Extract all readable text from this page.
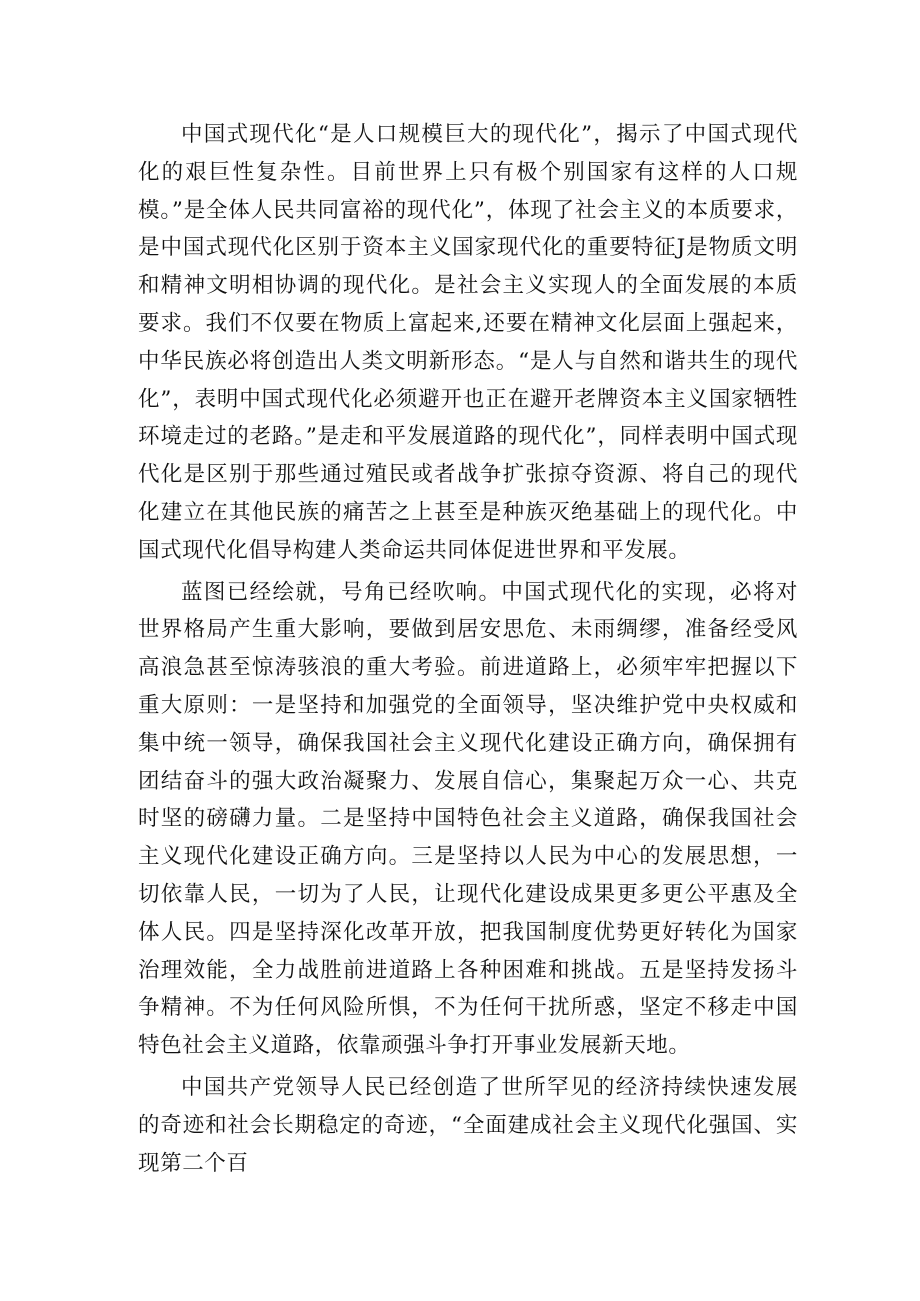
中国式现代化“是人口规模巨大的现代化”，揭示了中国式现代化的艰巨性复杂性。目前世界上只有极个别国家有这样的人口规模。”是全体人民共同富裕的现代化”，体现了社会主义的本质要求，是中国式现代化区别于资本主义国家现代化的重要特征J是物质文明和精神文明相协调的现代化。是社会主义实现人的全面发展的本质要求。我们不仅要在物质上富起来,还要在精神文化层面上强起来，中华民族必将创造出人类文明新形态。“是人与自然和谐共生的现代化”，表明中国式现代化必须避开也正在避开老牌资本主义国家牺牲环境走过的老路。”是走和平发展道路的现代化”，同样表明中国式现代化是区别于那些通过殖民或者战争扩张掠夺资源、将自己的现代化建立在其他民族的痛苦之上甚至是种族灭绝基础上的现代化。中国式现代化倡导构建人类命运共同体促进世界和平发展。

蓝图已经绘就，号角已经吹响。中国式现代化的实现，必将对世界格局产生重大影响，要做到居安思危、未雨绸缪，准备经受风高浪急甚至惊涛骇浪的重大考验。前进道路上，必须牢牢把握以下重大原则：一是坚持和加强党的全面领导，坚决维护党中央权威和集中统一领导，确保我国社会主义现代化建设正确方向，确保拥有团结奋斗的强大政治凝聚力、发展自信心，集聚起万众一心、共克时坚的磅礴力量。二是坚持中国特色社会主义道路，确保我国社会主义现代化建设正确方向。三是坚持以人民为中心的发展思想，一切依靠人民，一切为了人民，让现代化建设成果更多更公平惠及全体人民。四是坚持深化改革开放，把我国制度优势更好转化为国家治理效能，全力战胜前进道路上各种困难和挑战。五是坚持发扬斗争精神。不为任何风险所惧，不为任何干扰所惑，坚定不移走中国特色社会主义道路，依靠顽强斗争打开事业发展新天地。

中国共产党领导人民已经创造了世所罕见的经济持续快速发展的奇迹和社会长期稳定的奇迹，“全面建成社会主义现代化强国、实现第二个百
